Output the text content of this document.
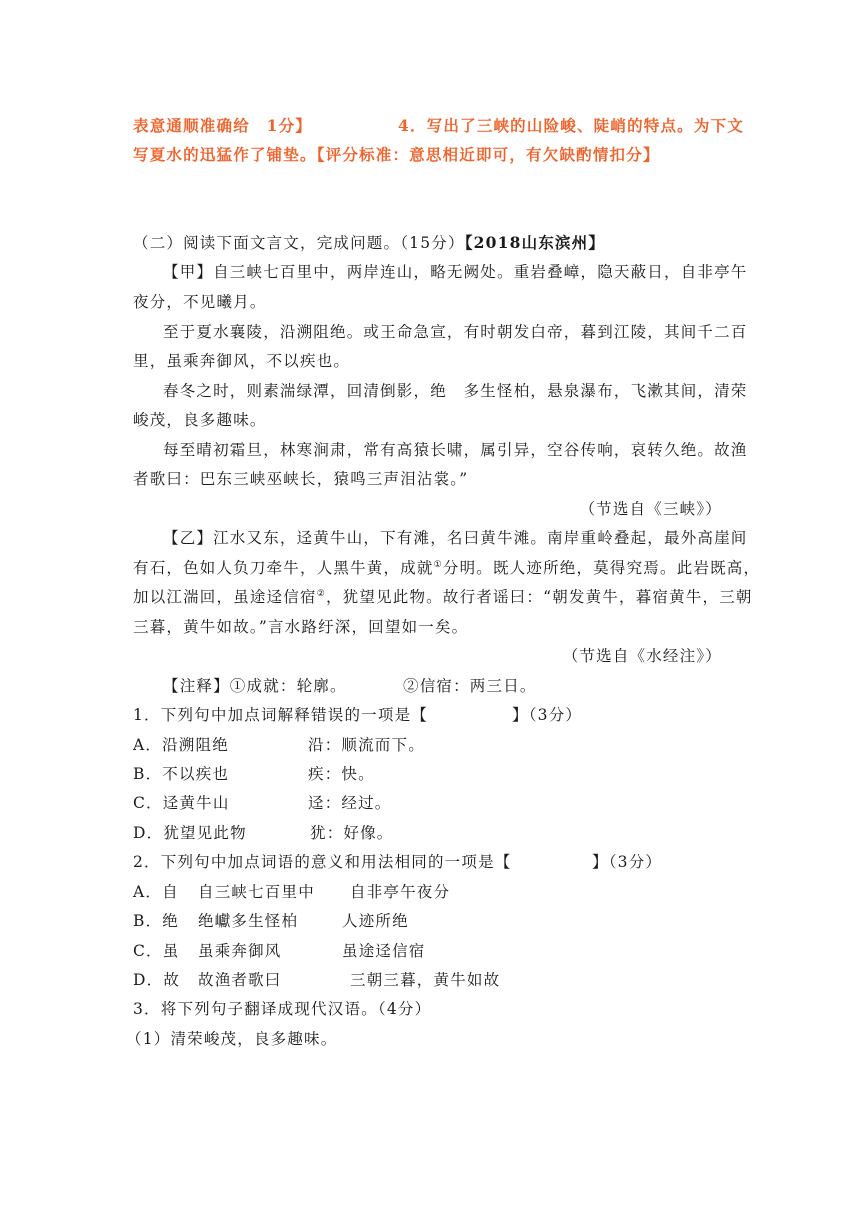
表意通顺准确给　1分】	4．写出了三峡的山险峻、陡峭的特点。为下文
写夏水的迅猛作了铺垫。【评分标准：意思相近即可，有欠缺酌情扣分】
（二）阅读下面文言文，完成问题。（15分）【2018山东滨州】
【甲】自三峡七百里中，两岸连山，略无阙处。重岩叠嶂，隐天蔽日，自非亭午
夜分，不见曦月。
至于夏水襄陵，沿溯阻绝。或王命急宣，有时朝发白帝，暮到江陵，其间千二百
里，虽乘奔御风，不以疾也。
春冬之时，则素湍绿潭，回清倒影，绝　多生怪柏，悬泉瀑布，飞漱其间，清荣
峻茂，良多趣味。
每至晴初霜旦，林寒涧肃，常有高猿长啸，属引异，空谷传响，哀转久绝。故渔
者歌曰：巴东三峡巫峡长，猿鸣三声泪沾裳。”
（节选自《三峡》）
【乙】江水又东，迳黄牛山，下有滩，名曰黄牛滩。南岸重岭叠起，最外高崖间
有石，色如人负刀牵牛，人黑牛黄，成就①分明。既人迹所绝，莫得究焉。此岩既高，
加以江湍回，虽途迳信宿②，犹望见此物。故行者谣曰：“朝发黄牛，暮宿黄牛，三朝
三暮，黄牛如故。”言水路纡深，回望如一矣。
（节选自《水经注》）
【注释】①成就：轮廓。	②信宿：两三日。
1．下列句中加点词解释错误的一项是【	】（3分）
A．沿溯阻绝	沿：顺流而下。
B．不以疾也	疾：快。
C．迳黄牛山	迳：经过。
D．犹望见此物	犹：好像。
2．下列句中加点词语的意义和用法相同的一项是【	】（3分）
A．自 自三峡七百里中 自非亭午夜分
B．绝 绝巘多生怪柏	人迹所绝
C．虽 虽乘奔御风	虽途迳信宿
D．故 故渔者歌曰	三朝三暮，黄牛如故
3．将下列句子翻译成现代汉语。（4分）
（1）清荣峻茂，良多趣味。
